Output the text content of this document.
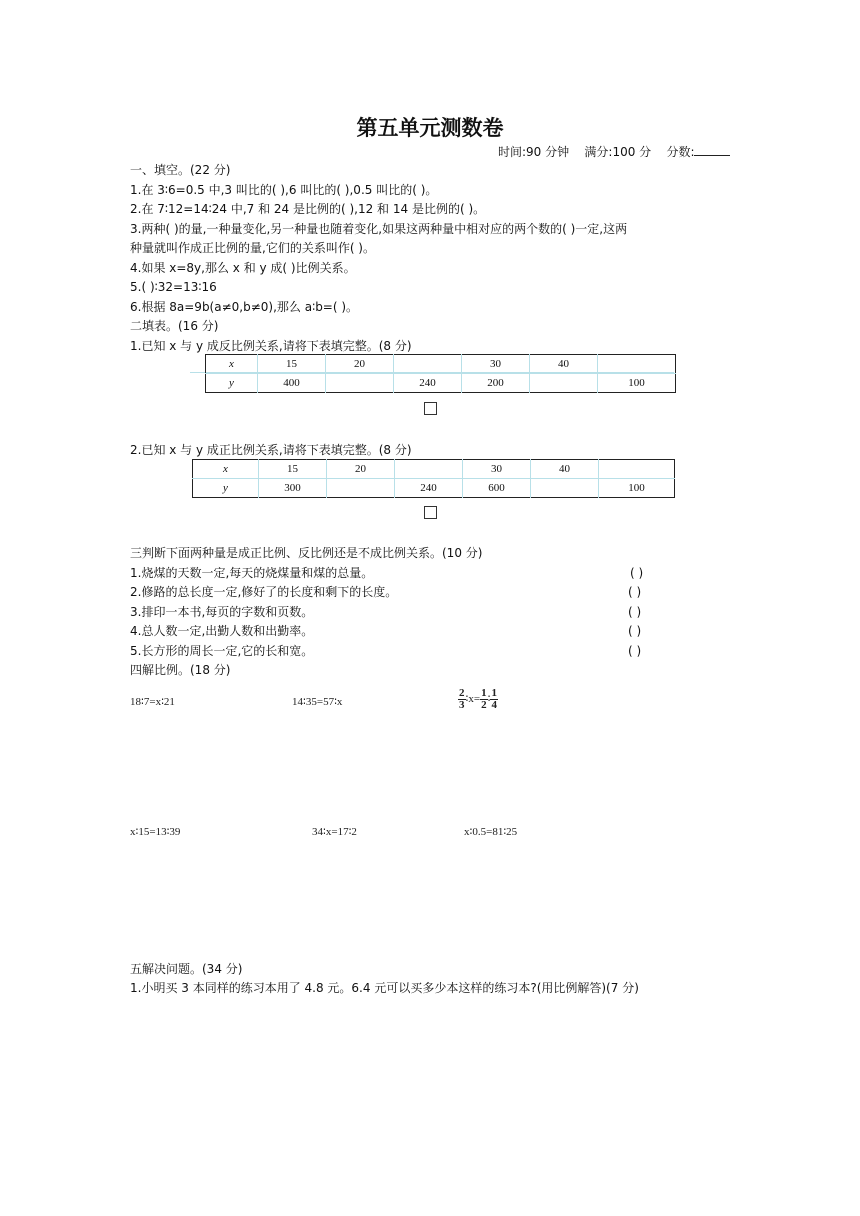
第五单元测数卷
时间:90 分钟 满分:100 分 分数:
一、填空。(22 分)
1.在 3∶6=0.5 中,3 叫比的( ),6 叫比的( ),0.5 叫比的( )。
2.在 7∶12=14∶24 中,7 和 24 是比例的( ),12 和 14 是比例的( )。
3.两种( )的量,一种量变化,另一种量也随着变化,如果这两种量中相对应的两个数的( )一定,这两
种量就叫作成正比例的量,它们的关系叫作( )。
4.如果 x=8y,那么 x 和 y 成( )比例关系。
5.( )∶32=13∶16
6.根据 8a=9b(a≠0,b≠0),那么 a∶b=( )。
二填表。(16 分)
1.已知 x 与 y 成反比例关系,请将下表填完整。(8 分)
x	15	20		30	40	
y	400		240	200		100
2.已知 x 与 y 成正比例关系,请将下表填完整。(8 分)
x	15	20		30	40	
y	300		240	600		100
三判断下面两种量是成正比例、反比例还是不成比例关系。(10 分)
1.烧煤的天数一定,每天的烧煤量和煤的总量。	( )
2.修路的总长度一定,修好了的长度和剩下的长度。	( )
3.排印一本书,每页的字数和页数。	( )
4.总人数一定,出勤人数和出勤率。	( )
5.长方形的周长一定,它的长和宽。	( )
四解比例。(18 分)
18∶7=x∶21	14∶35=57∶x	$\frac{2}{3}$ ∶x= $\frac{1}{2}$ ∶ $\frac{1}{4}$
x∶15=13∶39	34∶x=17∶2	x∶0.5=81∶25
五解决问题。(34 分)
1.小明买 3 本同样的练习本用了 4.8 元。6.4 元可以买多少本这样的练习本?(用比例解答)(7 分)
